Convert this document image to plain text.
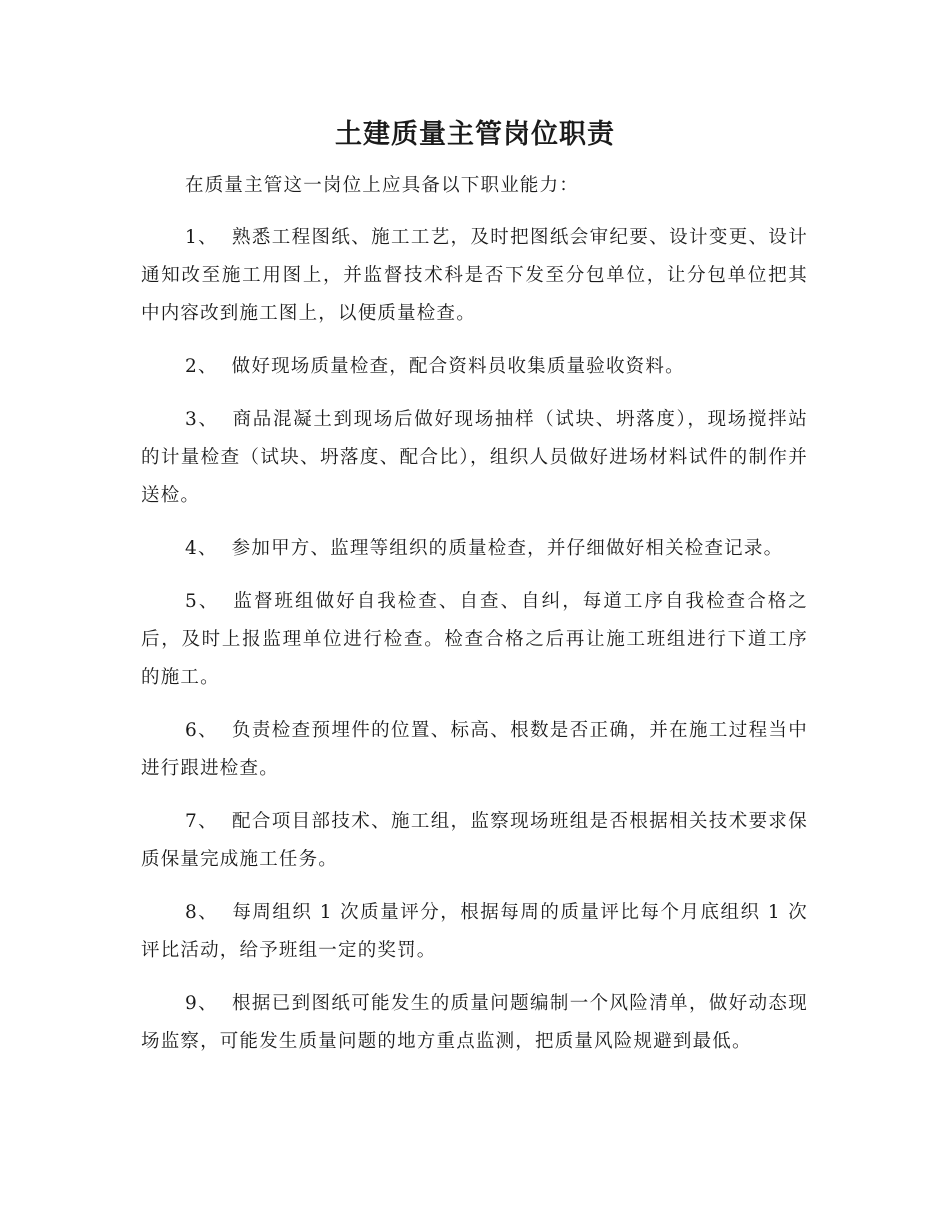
土建质量主管岗位职责

在质量主管这一岗位上应具备以下职业能力：

1、 熟悉工程图纸、施工工艺，及时把图纸会审纪要、设计变更、设计通知改至施工用图上，并监督技术科是否下发至分包单位，让分包单位把其中内容改到施工图上，以便质量检查。

2、 做好现场质量检查，配合资料员收集质量验收资料。

3、 商品混凝土到现场后做好现场抽样（试块、坍落度），现场搅拌站的计量检查（试块、坍落度、配合比），组织人员做好进场材料试件的制作并送检。

4、 参加甲方、监理等组织的质量检查，并仔细做好相关检查记录。

5、 监督班组做好自我检查、自查、自纠，每道工序自我检查合格之后，及时上报监理单位进行检查。检查合格之后再让施工班组进行下道工序的施工。

6、 负责检查预埋件的位置、标高、根数是否正确，并在施工过程当中进行跟进检查。

7、 配合项目部技术、施工组，监察现场班组是否根据相关技术要求保质保量完成施工任务。

8、 每周组织 1 次质量评分，根据每周的质量评比每个月底组织 1 次评比活动，给予班组一定的奖罚。

9、 根据已到图纸可能发生的质量问题编制一个风险清单，做好动态现场监察，可能发生质量问题的地方重点监测，把质量风险规避到最低。
